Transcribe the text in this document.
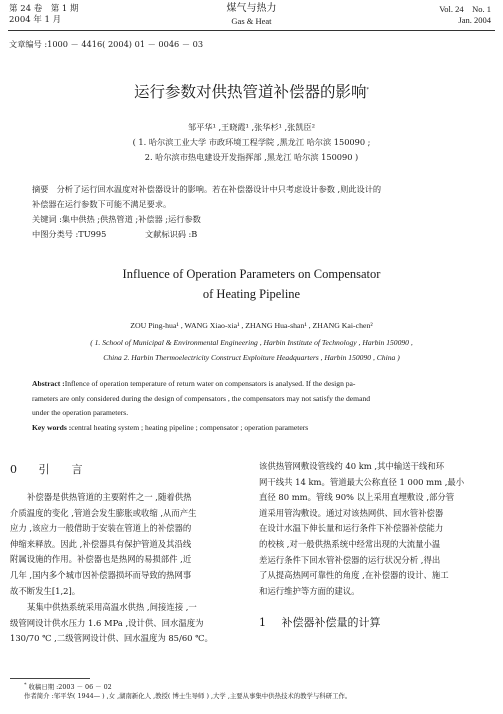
第 24 卷　第 1 期
2004 年 1 月
煤气与热力
Gas & Heat
Vol. 24　No. 1
Jan. 2004
文章编号 :1000 － 4416( 2004) 01 － 0046 － 03
运行参数对供热管道补偿器的影响*
邹平华¹ ,王晓霞¹ ,张华杉¹ ,张凯臣²
( 1. 哈尔滨工业大学 市政环境工程学院 ,黑龙江 哈尔滨 150090 ;
2. 哈尔滨市热电建设开发指挥部 ,黑龙江 哈尔滨 150090 )
摘要　分析了运行回水温度对补偿器设计的影响。若在补偿器设计中只考虑设计参数 ,则此设计的
补偿器在运行参数下可能不满足要求。
关键词 :集中供热 ;供热管道 ;补偿器 ;运行参数
中图分类号 :TU995	文献标识码 :B
Influence of Operation Parameters on Compensator
of Heating Pipeline
ZOU Ping-hua¹ , WANG Xiao-xia¹ , ZHANG Hua-shan¹ , ZHANG Kai-chen²
( 1. School of Municipal & Environmental Engineering , Harbin Institute of Technology , Harbin 150090 ,
China 2. Harbin Thermoelectricity Construct Exploiture Headquarters , Harbin 150090 , China )
Abstract :Inflence of operation temperature of return water on compensators is analysed. If the design pa-
rameters are only considered during the design of compensators , the compensators may not satisfy the demand
under the operation parameters.
Key words :central heating system ; heating pipeline ; compensator ; operation parameters
0 引　　言
补偿器是供热管道的主要附件之一 ,随着供热
介质温度的变化 ,管道会发生膨胀或收缩 ,从而产生
应力 ,该应力一般借助于安装在管道上的补偿器的
伸缩来释放。因此 ,补偿器具有保护管道及其沿线
附属设施的作用。补偿器也是热网的易损部件 ,近
几年 ,国内多个城市因补偿器损坏而导致的热网事
故不断发生[1,2]。
某集中供热系统采用高温水供热 ,间接连接 ,一
级管网设计供水压力 1.6 MPa ,设计供、回水温度为
130/70 ℃ ,二级管网设计供、回水温度为 85/60 ℃。
该供热管网敷设管线约 40 km ,其中输送干线和环
网干线共 14 km。管道最大公称直径 1 000 mm ,最小
直径 80 mm。管线 90% 以上采用直埋敷设 ,部分管
道采用管沟敷设。通过对该热网供、回水管补偿器
在设计水温下伸长量和运行条件下补偿器补偿能力
的校核 ,对一般供热系统中经常出现的大流量小温
差运行条件下回水管补偿器的运行状况分析 ,得出
了从提高热网可靠性的角度 ,在补偿器的设计、施工
和运行维护等方面的建议。
1 补偿器补偿量的计算
* 收稿日期 :2003 － 06 － 02
作者简介 :邹平华( 1944— ) ,女 ,湖南新化人 ,教授( 博士生导师 ) ,大学 ,主要从事集中供热技术的教学与科研工作。
